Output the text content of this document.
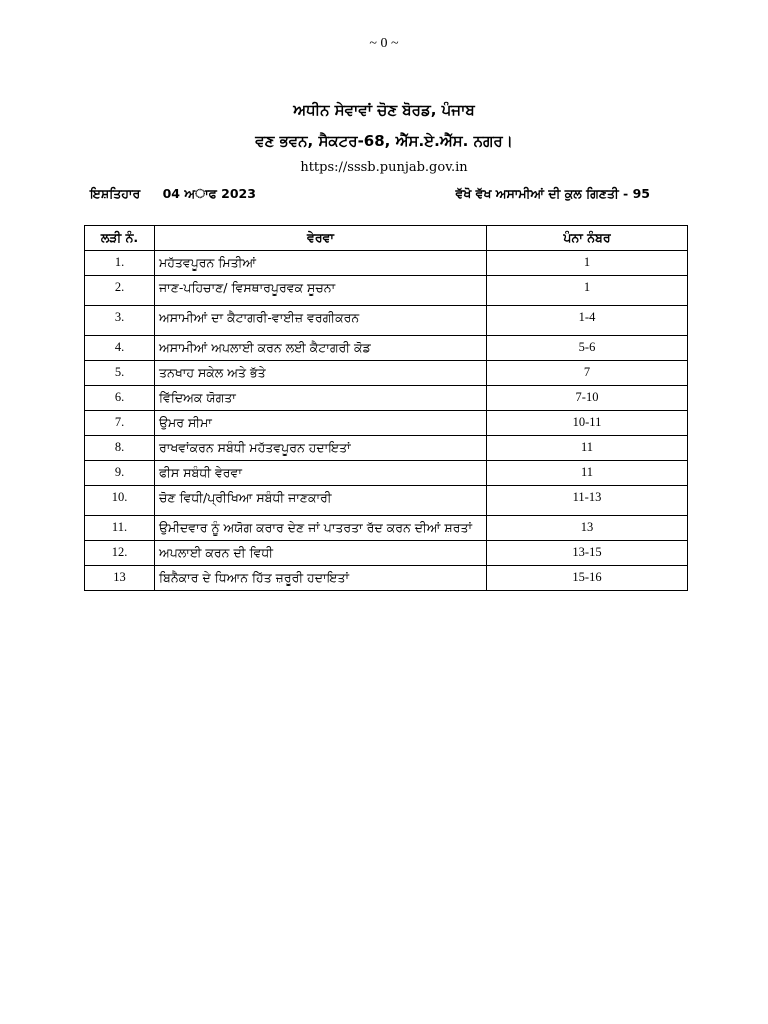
~ 0 ~
ਅਧੀਨ ਸੇਵਾਵਾਂ ਚੋਣ ਬੋਰਡ, ਪੰਜਾਬ
ਵਣ ਭਵਨ, ਸੈਕਟਰ-68, ਐੱਸ.ਏ.ਐੱਸ. ਨਗਰ।
https://sssb.punjab.gov.in
ਇਸ਼ਤਿਹਾਰ 04 ਅਾਫ 2023	ਵੱਖੋ ਵੱਖ ਅਸਾਮੀਆਂ ਦੀ ਕੁਲ ਗਿਣਤੀ - 95
ਲੜੀ ਨੰ.	ਵੇਰਵਾ	ਪੰਨਾ ਨੰਬਰ
1.	ਮਹੱਤਵਪੂਰਨ ਮਿਤੀਆਂ	1
2.	ਜਾਣ-ਪਹਿਚਾਣ/ ਵਿਸਥਾਰਪੂਰਵਕ ਸੂਚਨਾ	1
3.	ਅਸਾਮੀਆਂ ਦਾ ਕੈਟਾਗਰੀ-ਵਾਈਜ਼ ਵਰਗੀਕਰਨ	1-4
4.	ਅਸਾਮੀਆਂ ਅਪਲਾਈ ਕਰਨ ਲਈ ਕੈਟਾਗਰੀ ਕੋਡ	5-6
5.	ਤਨਖਾਹ ਸਕੇਲ ਅਤੇ ਭੱਤੇ	7
6.	ਵਿੱਦਿਅਕ ਯੋਗਤਾ	7-10
7.	ਉਮਰ ਸੀਮਾ	10-11
8.	ਰਾਖਵਾਂਕਰਨ ਸਬੰਧੀ ਮਹੱਤਵਪੂਰਨ ਹਦਾਇਤਾਂ	11
9.	ਫੀਸ ਸਬੰਧੀ ਵੇਰਵਾ	11
10.	ਚੋਣ ਵਿਧੀ/ਪ੍ਰੀਖਿਆ ਸਬੰਧੀ ਜਾਣਕਾਰੀ	11-13
11.	ਉਮੀਦਵਾਰ ਨੂੰ ਅਯੋਗ ਕਰਾਰ ਦੇਣ ਜਾਂ ਪਾਤਰਤਾ ਰੱਦ ਕਰਨ ਦੀਆਂ ਸ਼ਰਤਾਂ	13
12.	ਅਪਲਾਈ ਕਰਨ ਦੀ ਵਿਧੀ	13-15
13	ਬਿਨੈਕਾਰ ਦੇ ਧਿਆਨ ਹਿੱਤ ਜ਼ਰੂਰੀ ਹਦਾਇਤਾਂ	15-16
